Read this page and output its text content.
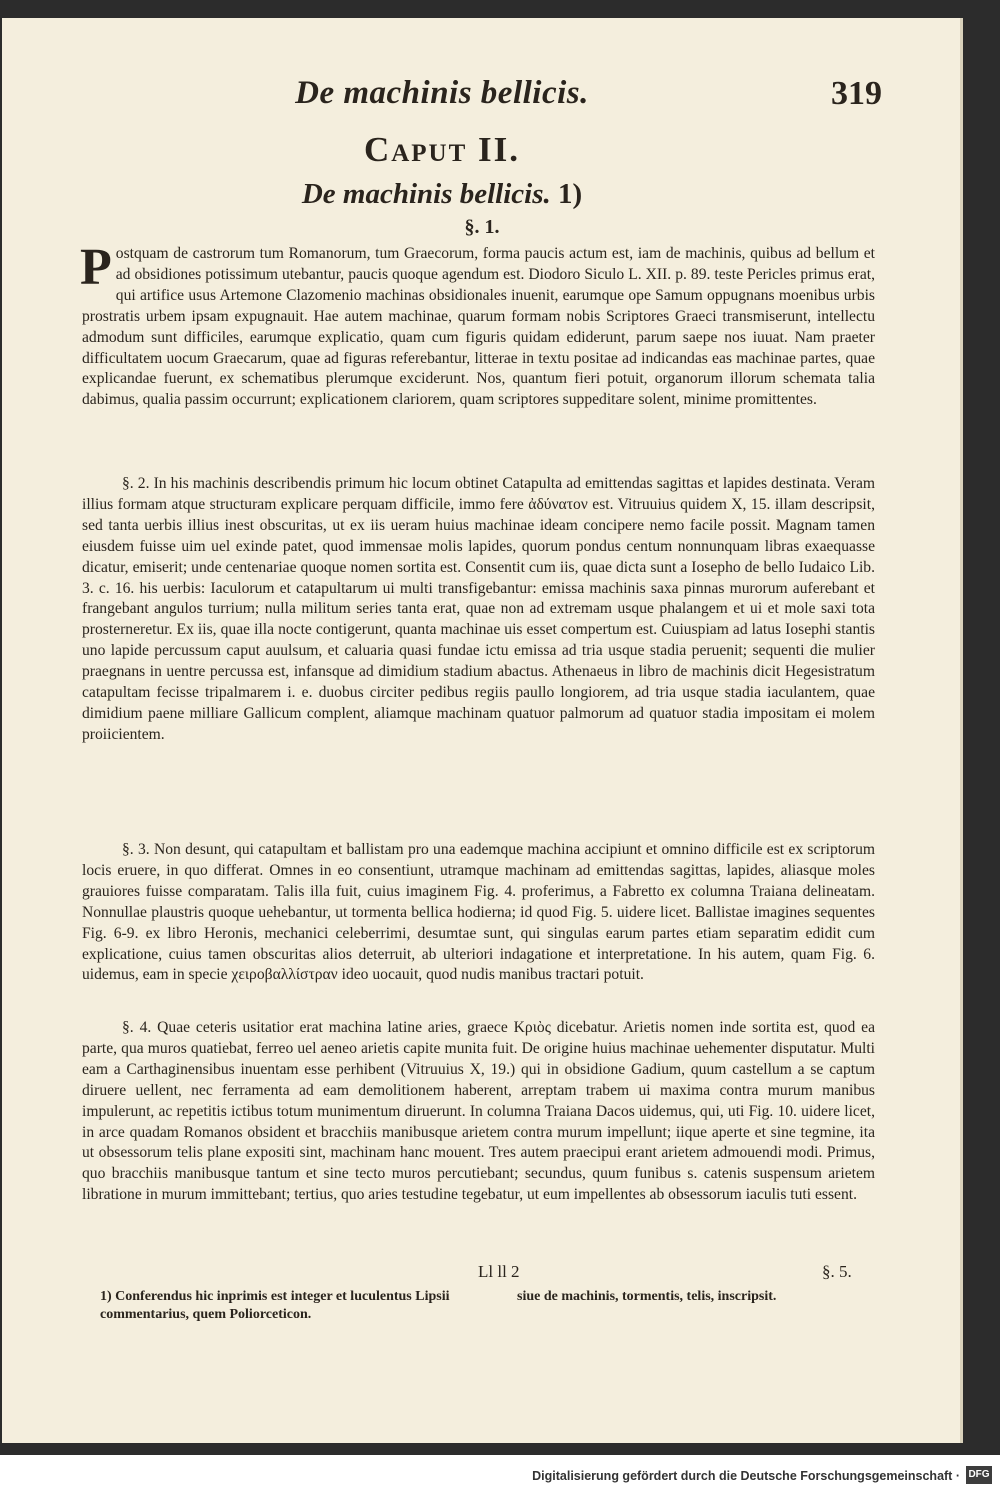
De machinis bellicis.	319
Caput II.
De machinis bellicis. 1)
§. 1.

Postquam de castrorum tum Romanorum, tum Graecorum, forma paucis actum est, iam de machinis, quibus ad bellum et ad obsidiones potissimum utebantur, paucis quoque agendum est. Diodoro Siculo L. XII. p. 89. teste Pericles primus erat, qui artifice usus Artemone Clazomenio machinas obsidionales inuenit, earumque ope Samum oppugnans moenibus urbis prostratis urbem ipsam expugnauit. Hae autem machinae, quarum formam nobis Scriptores Graeci transmiserunt, intellectu admodum sunt difficiles, earumque explicatio, quam cum figuris quidam ediderunt, parum saepe nos iuuat. Nam praeter difficultatem uocum Graecarum, quae ad figuras referebantur, litterae in textu positae ad indicandas eas machinae partes, quae explicandae fuerunt, ex schematibus plerumque exciderunt. Nos, quantum fieri potuit, organorum illorum schemata talia dabimus, qualia passim occurrunt; explicationem clariorem, quam scriptores suppeditare solent, minime promittentes.

§. 2. In his machinis describendis primum hic locum obtinet Catapulta ad emittendas sagittas et lapides destinata. Veram illius formam atque structuram explicare perquam difficile, immo fere ἀδύνατον est. Vitruuius quidem X, 15. illam descripsit, sed tanta uerbis illius inest obscuritas, ut ex iis ueram huius machinae ideam concipere nemo facile possit. Magnam tamen eiusdem fuisse uim uel exinde patet, quod immensae molis lapides, quorum pondus centum nonnunquam libras exaequasse dicatur, emiserit; unde centenariae quoque nomen sortita est. Consentit cum iis, quae dicta sunt a Iosepho de bello Iudaico Lib. 3. c. 16. his uerbis: Iaculorum et catapultarum ui multi transfigebantur: emissa machinis saxa pinnas murorum auferebant et frangebant angulos turrium; nulla militum series tanta erat, quae non ad extremam usque phalangem et ui et mole saxi tota prosterneretur. Ex iis, quae illa nocte contigerunt, quanta machinae uis esset compertum est. Cuiuspiam ad latus Iosephi stantis uno lapide percussum caput auulsum, et caluaria quasi fundae ictu emissa ad tria usque stadia peruenit; sequenti die mulier praegnans in uentre percussa est, infansque ad dimidium stadium abactus. Athenaeus in libro de machinis dicit Hegesistratum catapultam fecisse tripalmarem i. e. duobus circiter pedibus regiis paullo longiorem, ad tria usque stadia iaculantem, quae dimidium paene milliare Gallicum complent, aliamque machinam quatuor palmorum ad quatuor stadia impositam ei molem proiicientem.

§. 3. Non desunt, qui catapultam et ballistam pro una eademque machina accipiunt et omnino difficile est ex scriptorum locis eruere, in quo differat. Omnes in eo consentiunt, utramque machinam ad emittendas sagittas, lapides, aliasque moles grauiores fuisse comparatam. Talis illa fuit, cuius imaginem Fig. 4. proferimus, a Fabretto ex columna Traiana delineatam. Nonnullae plaustris quoque uehebantur, ut tormenta bellica hodierna; id quod Fig. 5. uidere licet. Ballistae imagines sequentes Fig. 6-9. ex libro Heronis, mechanici celeberrimi, desumtae sunt, qui singulas earum partes etiam separatim edidit cum explicatione, cuius tamen obscuritas alios deterruit, ab ulteriori indagatione et interpretatione. In his autem, quam Fig. 6. uidemus, eam in specie χειροβαλλίστραν ideo uocauit, quod nudis manibus tractari potuit.

§. 4. Quae ceteris usitatior erat machina latine aries, graece Κριὸς dicebatur. Arietis nomen inde sortita est, quod ea parte, qua muros quatiebat, ferreo uel aeneo arietis capite munita fuit. De origine huius machinae uehementer disputatur. Multi eam a Carthaginensibus inuentam esse perhibent (Vitruuius X, 19.) qui in obsidione Gadium, quum castellum a se captum diruere uellent, nec ferramenta ad eam demolitionem haberent, arreptam trabem ui maxima contra murum manibus impulerunt, ac repetitis ictibus totum munimentum diruerunt. In columna Traiana Dacos uidemus, qui, uti Fig. 10. uidere licet, in arce quadam Romanos obsident et bracchiis manibusque arietem contra murum impellunt; iique aperte et sine tegmine, ita ut obsessorum telis plane expositi sint, machinam hanc mouent. Tres autem praecipui erant arietem admouendi modi. Primus, quo bracchiis manibusque tantum et sine tecto muros percutiebant; secundus, quum funibus s. catenis suspensum arietem libratione in murum immittebant; tertius, quo aries testudine tegebatur, ut eum impellentes ab obsessorum iaculis tuti essent.

Ll ll 2	§. 5.
1) Conferendus hic inprimis est integer et luculentus Lipsii commentarius, quem Poliorceticon.
siue de machinis, tormentis, telis, inscripsit.
Digitalisierung gefördert durch die Deutsche Forschungsgemeinschaft · DFG
